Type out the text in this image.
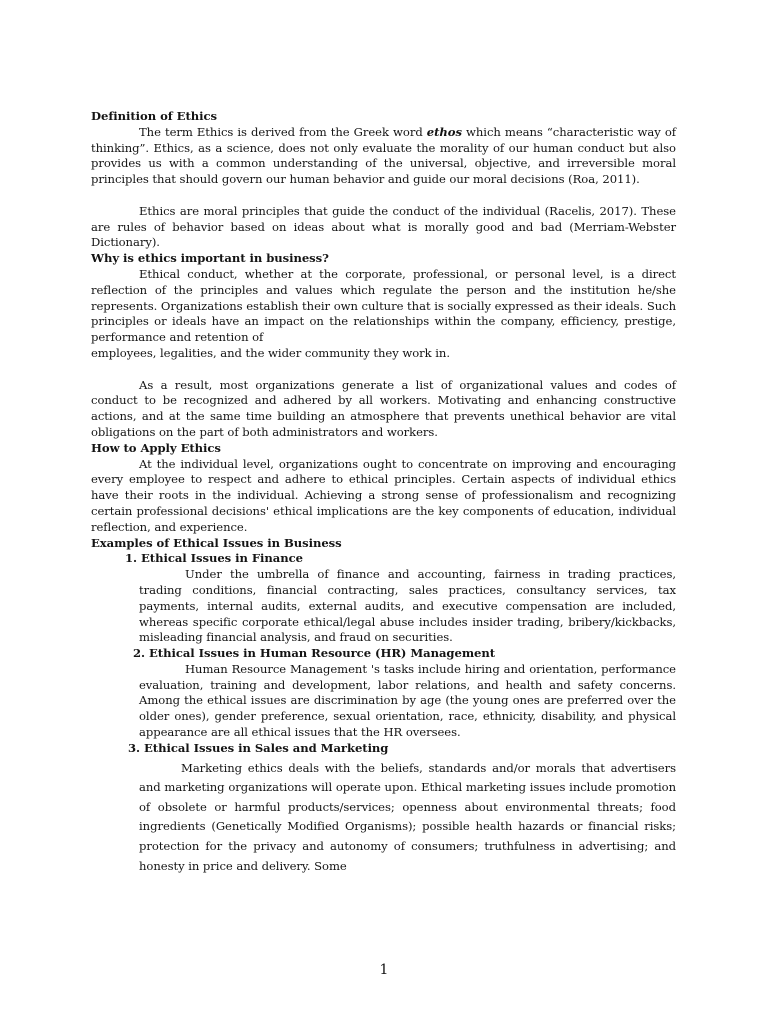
Definition of Ethics

The term Ethics is derived from the Greek word ethos which means “characteristic way of thinking”. Ethics, as a science, does not only evaluate the morality of our human conduct but also provides us with a common understanding of the universal, objective, and irreversible moral principles that should govern our human behavior and guide our moral decisions (Roa, 2011).

Ethics are moral principles that guide the conduct of the individual (Racelis, 2017). These are rules of behavior based on ideas about what is morally good and bad (Merriam-Webster Dictionary).

Why is ethics important in business?

Ethical conduct, whether at the corporate, professional, or personal level, is a direct reflection of the principles and values which regulate the person and the institution he/she represents. Organizations establish their own culture that is socially expressed as their ideals. Such principles or ideals have an impact on the relationships within the company, efficiency, prestige, performance and retention of

employees, legalities, and the wider community they work in.

As a result, most organizations generate a list of organizational values and codes of conduct to be recognized and adhered by all workers. Motivating and enhancing constructive actions, and at the same time building an atmosphere that prevents unethical behavior are vital obligations on the part of both administrators and workers.

How to Apply Ethics

At the individual level, organizations ought to concentrate on improving and encouraging every employee to respect and adhere to ethical principles. Certain aspects of individual ethics have their roots in the individual. Achieving a strong sense of professionalism and recognizing certain professional decisions' ethical implications are the key components of education, individual reflection, and experience.

Examples of Ethical Issues in Business
1. Ethical Issues in Finance

Under the umbrella of finance and accounting, fairness in trading practices, trading conditions, financial contracting, sales practices, consultancy services, tax payments, internal audits, external audits, and executive compensation are included, whereas specific corporate ethical/legal abuse includes insider trading, bribery/kickbacks, misleading financial analysis, and fraud on securities.

2. Ethical Issues in Human Resource (HR) Management

Human Resource Management 's tasks include hiring and orientation, performance evaluation, training and development, labor relations, and health and safety concerns. Among the ethical issues are discrimination by age (the young ones are preferred over the older ones), gender preference, sexual orientation, race, ethnicity, disability, and physical appearance are all ethical issues that the HR oversees.

3. Ethical Issues in Sales and Marketing

Marketing ethics deals with the beliefs, standards and/or morals that advertisers and marketing organizations will operate upon. Ethical marketing issues include promotion of obsolete or harmful products/services; openness about environmental threats; food ingredients (Genetically Modified Organisms); possible health hazards or financial risks; protection for the privacy and autonomy of consumers; truthfulness in advertising; and honesty in price and delivery. Some

1
